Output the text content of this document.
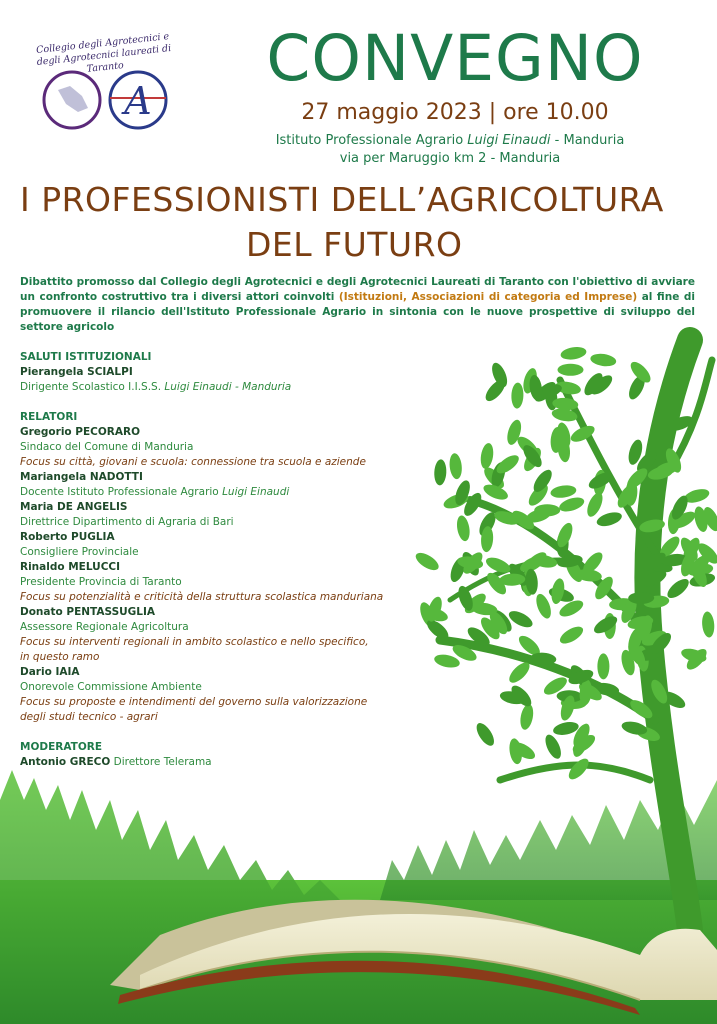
A
Collegio degli Agrotecnici e degli Agrotecnici laureati di Taranto	CONVEGNO
27 maggio 2023 | ore 10.00
Istituto Professionale Agrario Luigi Einaudi - Manduria
via per Maruggio km 2 - Manduria
I PROFESSIONISTI DELL’AGRICOLTURA
DEL FUTURO
Dibattito promosso dal Collegio degli Agrotecnici e degli Agrotecnici Laureati di Taranto con l'obiettivo di avviare un confronto costruttivo tra i diversi attori coinvolti (Istituzioni, Associazioni di categoria ed Imprese) al fine di promuovere il rilancio dell'Istituto Professionale Agrario in sintonia con le nuove prospettive di sviluppo del settore agricolo
SALUTI ISTITUZIONALI
Pierangela SCIALPI
Dirigente Scolastico I.I.S.S. Luigi Einaudi - Manduria
RELATORI
Gregorio PECORARO
Sindaco del Comune di Manduria
Focus su città, giovani e scuola: connessione tra scuola e aziende
Mariangela NADOTTI
Docente Istituto Professionale Agrario Luigi Einaudi
Maria DE ANGELIS
Direttrice Dipartimento di Agraria di Bari
Roberto PUGLIA
Consigliere Provinciale
Rinaldo MELUCCI
Presidente Provincia di Taranto
Focus su potenzialità e criticità della struttura scolastica manduriana
Donato PENTASSUGLIA
Assessore Regionale Agricoltura
Focus su interventi regionali in ambito scolastico e nello specifico,
in questo ramo
Dario IAIA
Onorevole Commissione Ambiente
Focus su proposte e intendimenti del governo sulla valorizzazione
degli studi tecnico - agrari
MODERATORE
Antonio GRECO Direttore Telerama
